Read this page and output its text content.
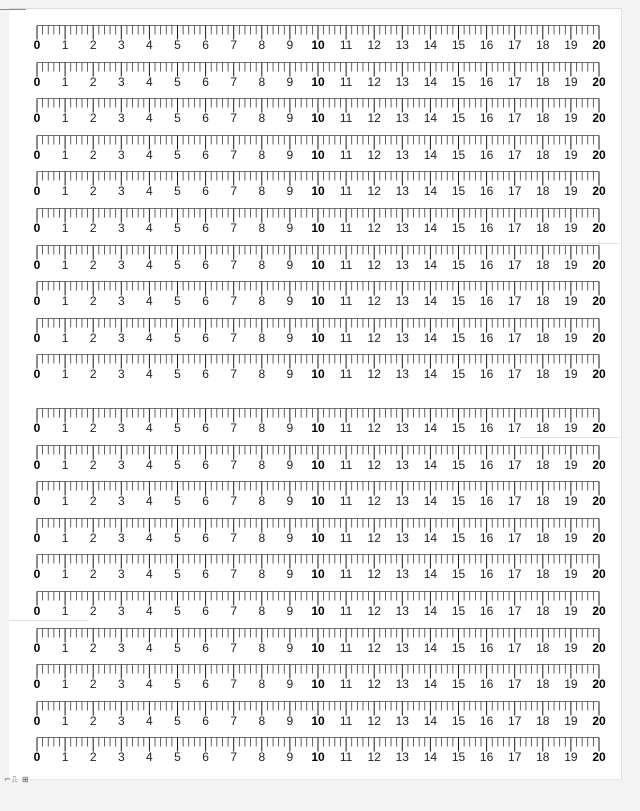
0 1 2 3 4 5 6 7 8 9 10 11 12 13 14 15 16 17 18 19 20
0 1 2 3 4 5 6 7 8 9 10 11 12 13 14 15 16 17 18 19 20
0 1 2 3 4 5 6 7 8 9 10 11 12 13 14 15 16 17 18 19 20
0 1 2 3 4 5 6 7 8 9 10 11 12 13 14 15 16 17 18 19 20
0 1 2 3 4 5 6 7 8 9 10 11 12 13 14 15 16 17 18 19 20
0 1 2 3 4 5 6 7 8 9 10 11 12 13 14 15 16 17 18 19 20
0 1 2 3 4 5 6 7 8 9 10 11 12 13 14 15 16 17 18 19 20
0 1 2 3 4 5 6 7 8 9 10 11 12 13 14 15 16 17 18 19 20
0 1 2 3 4 5 6 7 8 9 10 11 12 13 14 15 16 17 18 19 20
0 1 2 3 4 5 6 7 8 9 10 11 12 13 14 15 16 17 18 19 20
0 1 2 3 4 5 6 7 8 9 10 11 12 13 14 15 16 17 18 19 20
0 1 2 3 4 5 6 7 8 9 10 11 12 13 14 15 16 17 18 19 20
0 1 2 3 4 5 6 7 8 9 10 11 12 13 14 15 16 17 18 19 20
0 1 2 3 4 5 6 7 8 9 10 11 12 13 14 15 16 17 18 19 20
0 1 2 3 4 5 6 7 8 9 10 11 12 13 14 15 16 17 18 19 20
0 1 2 3 4 5 6 7 8 9 10 11 12 13 14 15 16 17 18 19 20
0 1 2 3 4 5 6 7 8 9 10 11 12 13 14 15 16 17 18 19 20
0 1 2 3 4 5 6 7 8 9 10 11 12 13 14 15 16 17 18 19 20
0 1 2 3 4 5 6 7 8 9 10 11 12 13 14 15 16 17 18 19 20
0 1 2 3 4 5 6 7 8 9 10 11 12 13 14 15 16 17 18 19 20
⌐⎍ ⊞
